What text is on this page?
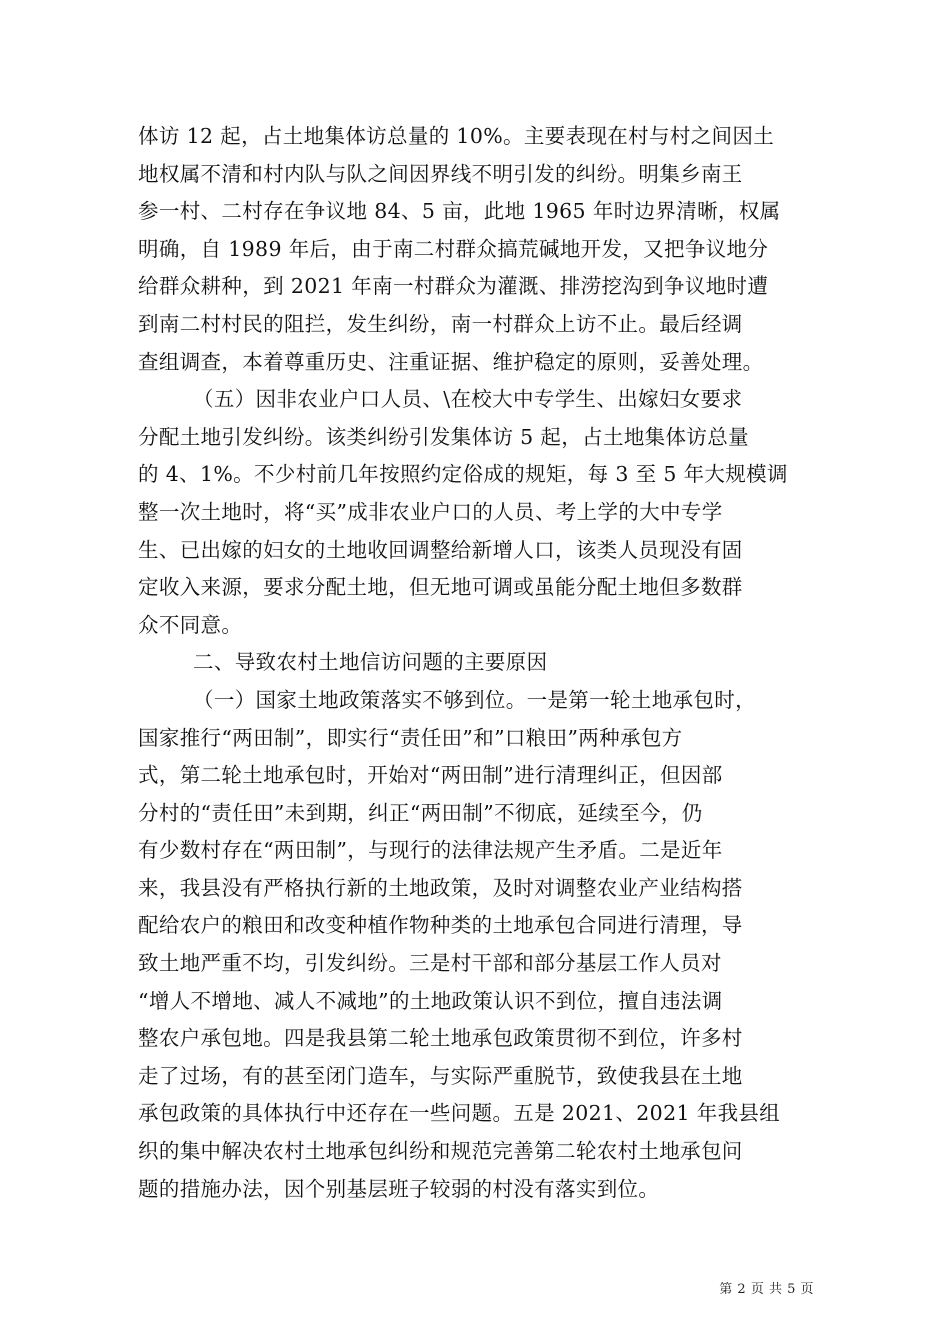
体访 12 起，占土地集体访总量的 10%。主要表现在村与村之间因土
地权属不清和村内队与队之间因界线不明引发的纠纷。明集乡南王
参一村、二村存在争议地 84、5 亩，此地 1965 年时边界清晰，权属
明确，自 1989 年后，由于南二村群众搞荒碱地开发，又把争议地分
给群众耕种，到 2021 年南一村群众为灌溉、排涝挖沟到争议地时遭
到南二村村民的阻拦，发生纠纷，南一村群众上访不止。最后经调
查组调查，本着尊重历史、注重证据、维护稳定的原则，妥善处理。
（五）因非农业户口人员、\在校大中专学生、出嫁妇女要求
分配土地引发纠纷。该类纠纷引发集体访 5 起，占土地集体访总量
的 4、1%。不少村前几年按照约定俗成的规矩，每 3 至 5 年大规模调
整一次土地时，将“买”成非农业户口的人员、考上学的大中专学
生、已出嫁的妇女的土地收回调整给新增人口，该类人员现没有固
定收入来源，要求分配土地，但无地可调或虽能分配土地但多数群
众不同意。
二、导致农村土地信访问题的主要原因
（一）国家土地政策落实不够到位。一是第一轮土地承包时，
国家推行“两田制”，即实行“责任田”和”口粮田”两种承包方
式，第二轮土地承包时，开始对“两田制”进行清理纠正，但因部
分村的“责任田”未到期，纠正“两田制”不彻底，延续至今，仍
有少数村存在“两田制”，与现行的法律法规产生矛盾。二是近年
来，我县没有严格执行新的土地政策，及时对调整农业产业结构搭
配给农户的粮田和改变种植作物种类的土地承包合同进行清理，导
致土地严重不均，引发纠纷。三是村干部和部分基层工作人员对
“增人不增地、减人不减地”的土地政策认识不到位，擅自违法调
整农户承包地。四是我县第二轮土地承包政策贯彻不到位，许多村
走了过场，有的甚至闭门造车，与实际严重脱节，致使我县在土地
承包政策的具体执行中还存在一些问题。五是 2021、2021 年我县组
织的集中解决农村土地承包纠纷和规范完善第二轮农村土地承包问
题的措施办法，因个别基层班子较弱的村没有落实到位。
第 2 页 共 5 页
